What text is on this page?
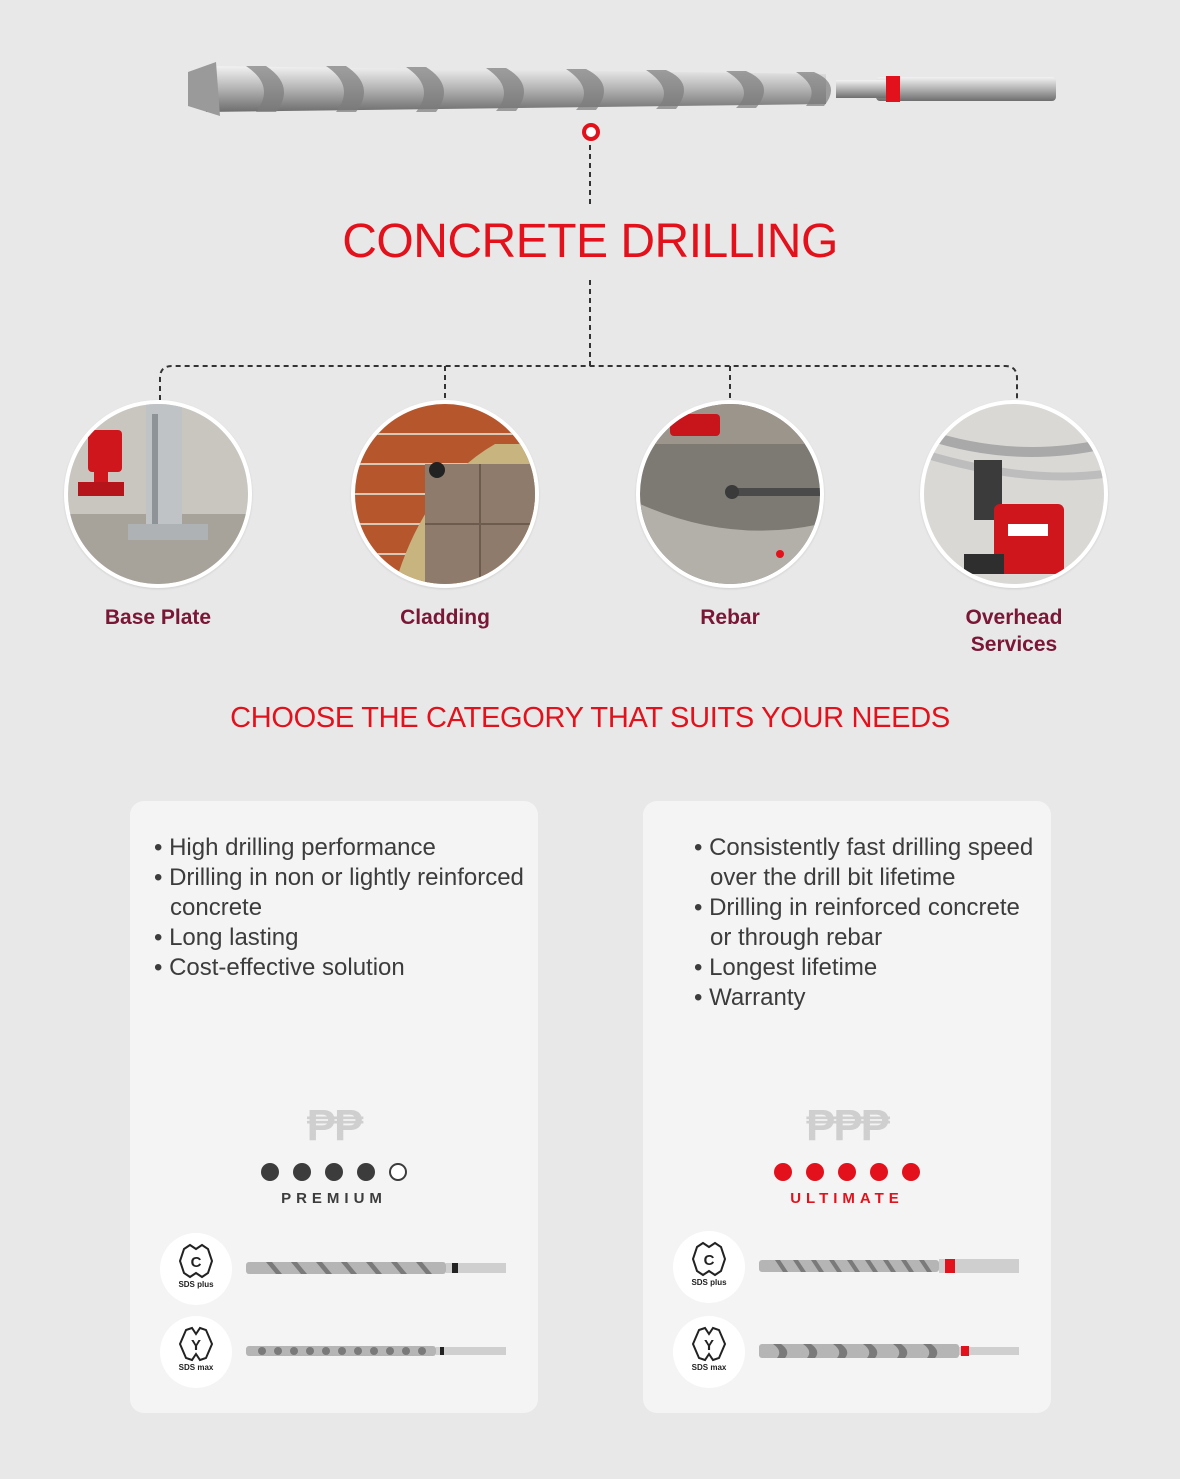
CONCRETE DRILLING
Base Plate	Cladding	Rebar	Overhead
Services
CHOOSE THE CATEGORY THAT SUITS YOUR NEEDS
• High drilling performance
• Drilling in non or lightly reinforced concrete
• Long lasting
• Cost-effective solution
₱₱
PREMIUM
C
SDS plus
Y
SDS max
• Consistently fast drilling speed over the drill bit lifetime
• Drilling in reinforced concrete or through rebar
• Longest lifetime
• Warranty
₱₱₱
ULTIMATE
C
SDS plus
Y
SDS max
